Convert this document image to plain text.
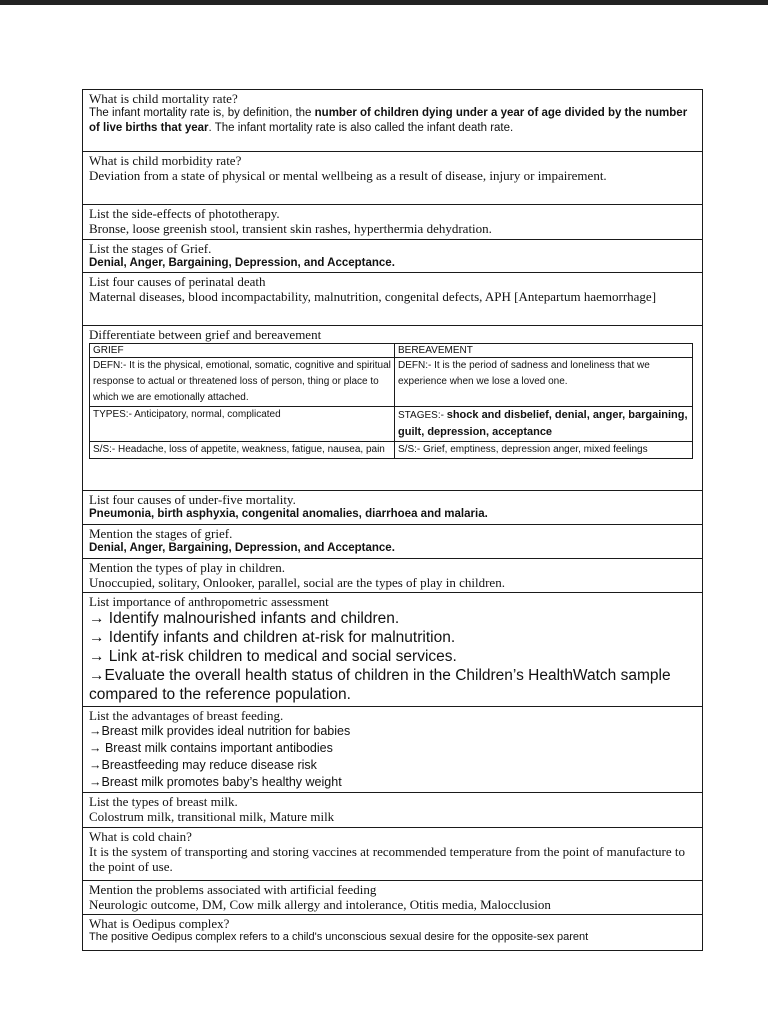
What is child mortality rate?
The infant mortality rate is, by definition, the number of children dying under a year of age divided by the number of live births that year. The infant mortality rate is also called the infant death rate.
What is child morbidity rate?
Deviation from a state of physical or mental wellbeing as a result of disease, injury or impairement.
List the side-effects of phototherapy.
Bronse, loose greenish stool, transient skin rashes, hyperthermia dehydration.
List the stages of Grief.
Denial, Anger, Bargaining, Depression, and Acceptance.
List four causes of perinatal death
Maternal diseases, blood incompactability, malnutrition, congenital defects, APH [Antepartum haemorrhage]
Differentiate between grief and bereavement
GRIEF	BEREAVEMENT
DEFN:- It is the physical, emotional, somatic, cognitive and spiritual response to actual or threatened loss of person, thing or place to which we are emotionally attached.	DEFN:- It is the period of sadness and loneliness that we experience when we lose a loved one.
TYPES:- Anticipatory, normal, complicated	STAGES:- shock and disbelief, denial, anger, bargaining, guilt, depression, acceptance
S/S:- Headache, loss of appetite, weakness, fatigue, nausea, pain	S/S:- Grief, emptiness, depression anger, mixed feelings
List four causes of under-five mortality.
Pneumonia, birth asphyxia, congenital anomalies, diarrhoea and malaria.
Mention the stages of grief.
Denial, Anger, Bargaining, Depression, and Acceptance.
Mention the types of play in children.
Unoccupied, solitary, Onlooker, parallel, social are the types of play in children.
List importance of anthropometric assessment
→ Identify malnourished infants and children.
→ Identify infants and children at-risk for malnutrition.
→ Link at-risk children to medical and social services.
→Evaluate the overall health status of children in the Children’s HealthWatch sample compared to the reference population.
List the advantages of breast feeding.
→Breast milk provides ideal nutrition for babies
→ Breast milk contains important antibodies
→Breastfeeding may reduce disease risk
→Breast milk promotes baby’s healthy weight
List the types of breast milk.
Colostrum milk, transitional milk, Mature milk
What is cold chain?
It is the system of transporting and storing vaccines at recommended temperature from the point of manufacture to the point of use.
Mention the problems associated with artificial feeding
Neurologic outcome, DM, Cow milk allergy and intolerance, Otitis media, Malocclusion
What is Oedipus complex?
The positive Oedipus complex refers to a child's unconscious sexual desire for the opposite-sex parent
